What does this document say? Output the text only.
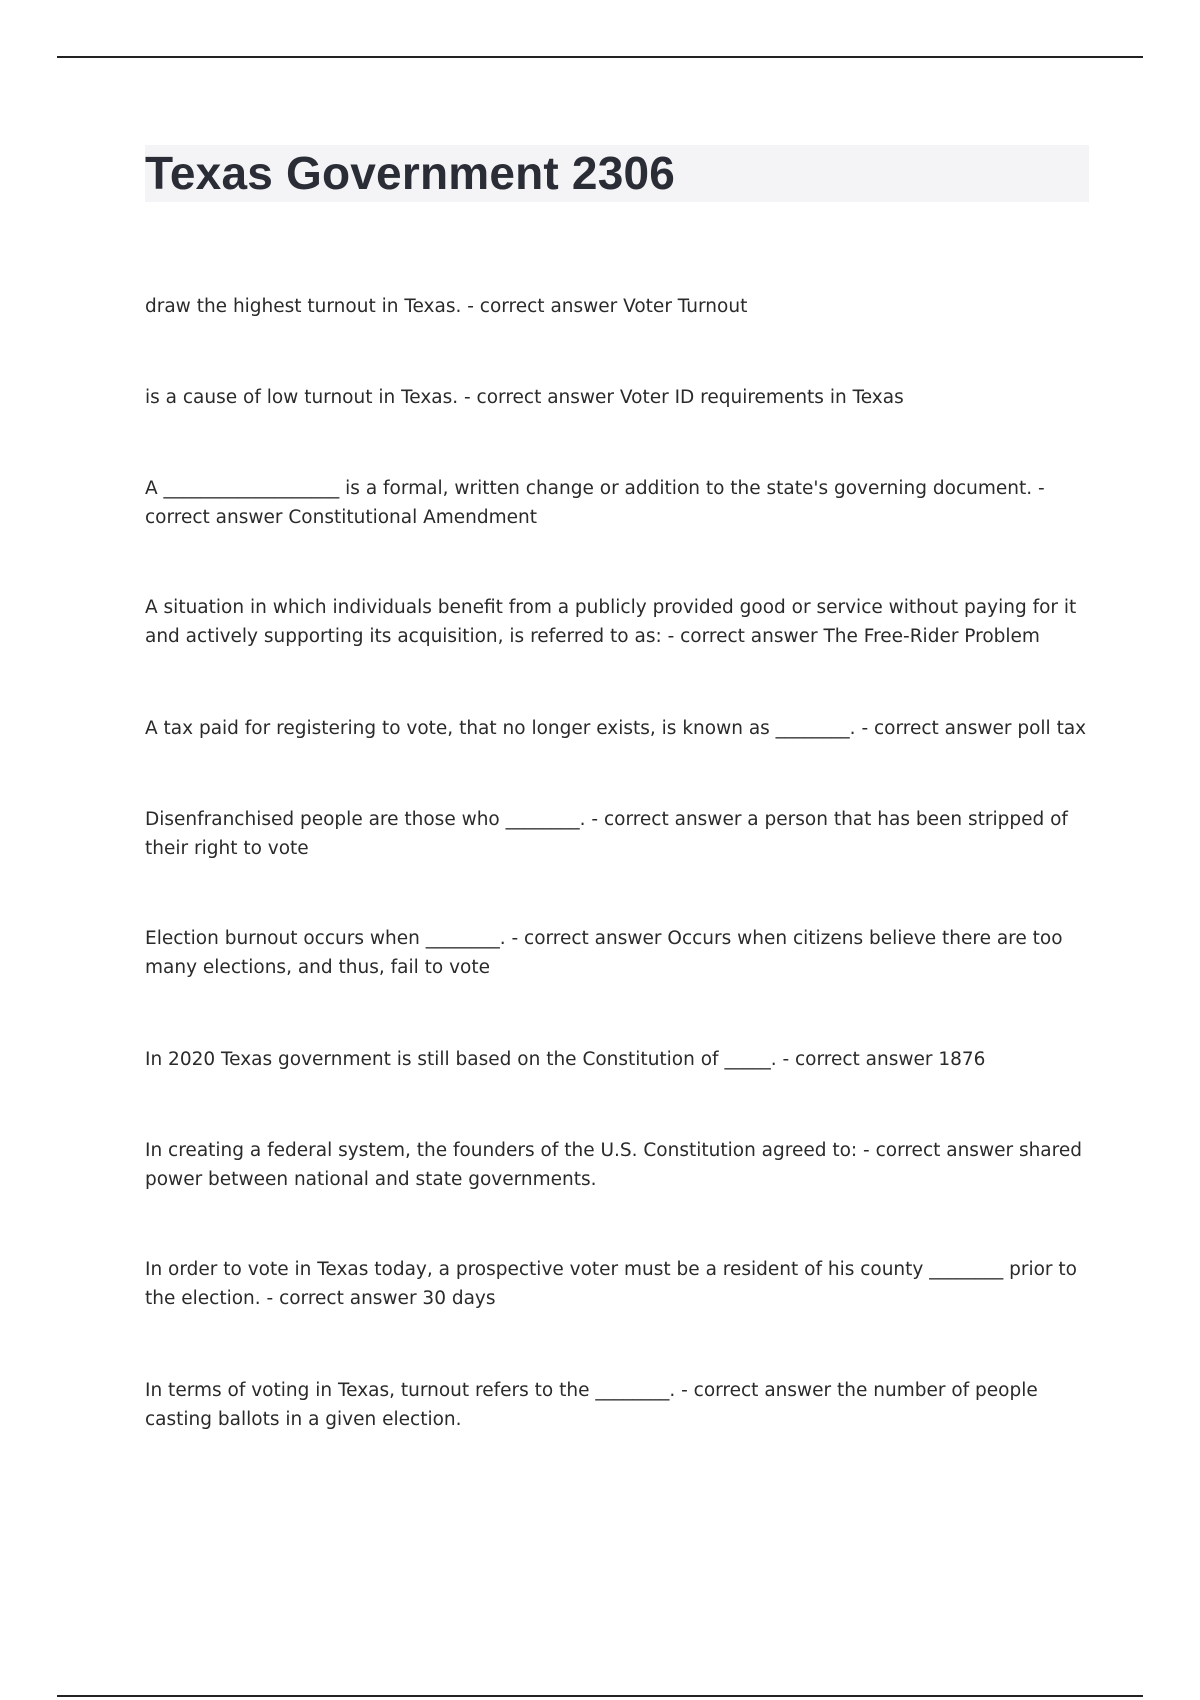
Texas Government 2306

draw the highest turnout in Texas. - correct answer Voter Turnout

is a cause of low turnout in Texas. - correct answer Voter ID requirements in Texas

A ___________________ is a formal, written change or addition to the state's governing document. - correct answer Constitutional Amendment

A situation in which individuals benefit from a publicly provided good or service without paying for it and actively supporting its acquisition, is referred to as: - correct answer The Free-Rider Problem

A tax paid for registering to vote, that no longer exists, is known as ________. - correct answer poll tax

Disenfranchised people are those who ________. - correct answer a person that has been stripped of their right to vote

Election burnout occurs when ________. - correct answer Occurs when citizens believe there are too many elections, and thus, fail to vote

In 2020 Texas government is still based on the Constitution of _____. - correct answer 1876

In creating a federal system, the founders of the U.S. Constitution agreed to: - correct answer shared power between national and state governments.

In order to vote in Texas today, a prospective voter must be a resident of his county ________ prior to the election. - correct answer 30 days

In terms of voting in Texas, turnout refers to the ________. - correct answer the number of people casting ballots in a given election.
